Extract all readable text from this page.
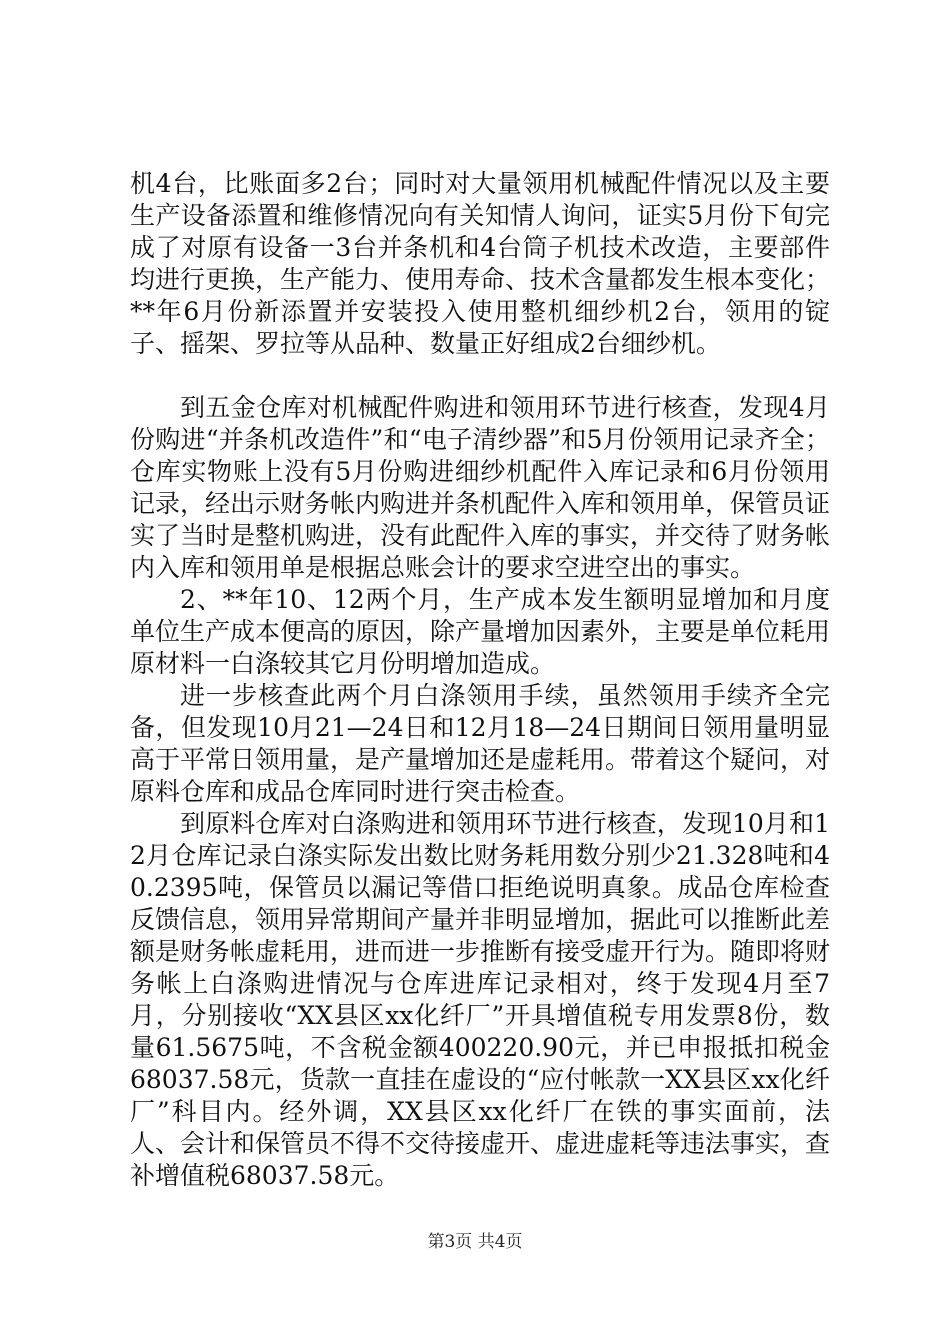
机4台，比账面多2台；同时对大量领用机械配件情况以及主要生产设备添置和维修情况向有关知情人询问，证实5月份下旬完成了对原有设备一3台并条机和4台筒子机技术改造，主要部件均进行更换，生产能力、使用寿命、技术含量都发生根本变化；**年6月份新添置并安装投入使用整机细纱机2台，领用的锭子、摇架、罗拉等从品种、数量正好组成2台细纱机。

到五金仓库对机械配件购进和领用环节进行核查，发现4月份购进“并条机改造件”和“电子清纱器”和5月份领用记录齐全；仓库实物账上没有5月份购进细纱机配件入库记录和6月份领用记录，经出示财务帐内购进并条机配件入库和领用单，保管员证实了当时是整机购进，没有此配件入库的事实，并交待了财务帐内入库和领用单是根据总账会计的要求空进空出的事实。

2、**年10、12两个月，生产成本发生额明显增加和月度单位生产成本便高的原因，除产量增加因素外，主要是单位耗用原材料一白涤较其它月份明增加造成。

进一步核查此两个月白涤领用手续，虽然领用手续齐全完备，但发现10月21—24日和12月18—24日期间日领用量明显高于平常日领用量，是产量增加还是虚耗用。带着这个疑问，对原料仓库和成品仓库同时进行突击检查。

到原料仓库对白涤购进和领用环节进行核查，发现10月和12月仓库记录白涤实际发出数比财务耗用数分别少21.328吨和40.2395吨，保管员以漏记等借口拒绝说明真象。成品仓库检查反馈信息，领用异常期间产量并非明显增加，据此可以推断此差额是财务帐虚耗用，进而进一步推断有接受虚开行为。随即将财务帐上白涤购进情况与仓库进库记录相对，终于发现4月至7月，分别接收“XX县区xx化纤厂”开具增值税专用发票8份，数量61.5675吨，不含税金额400220.90元，并已申报抵扣税金68037.58元，货款一直挂在虚设的“应付帐款一XX县区xx化纤厂”科目内。经外调，XX县区xx化纤厂在铁的事实面前，法人、会计和保管员不得不交待接虚开、虚进虚耗等违法事实，查补增值税68037.58元。

第3页 共4页
